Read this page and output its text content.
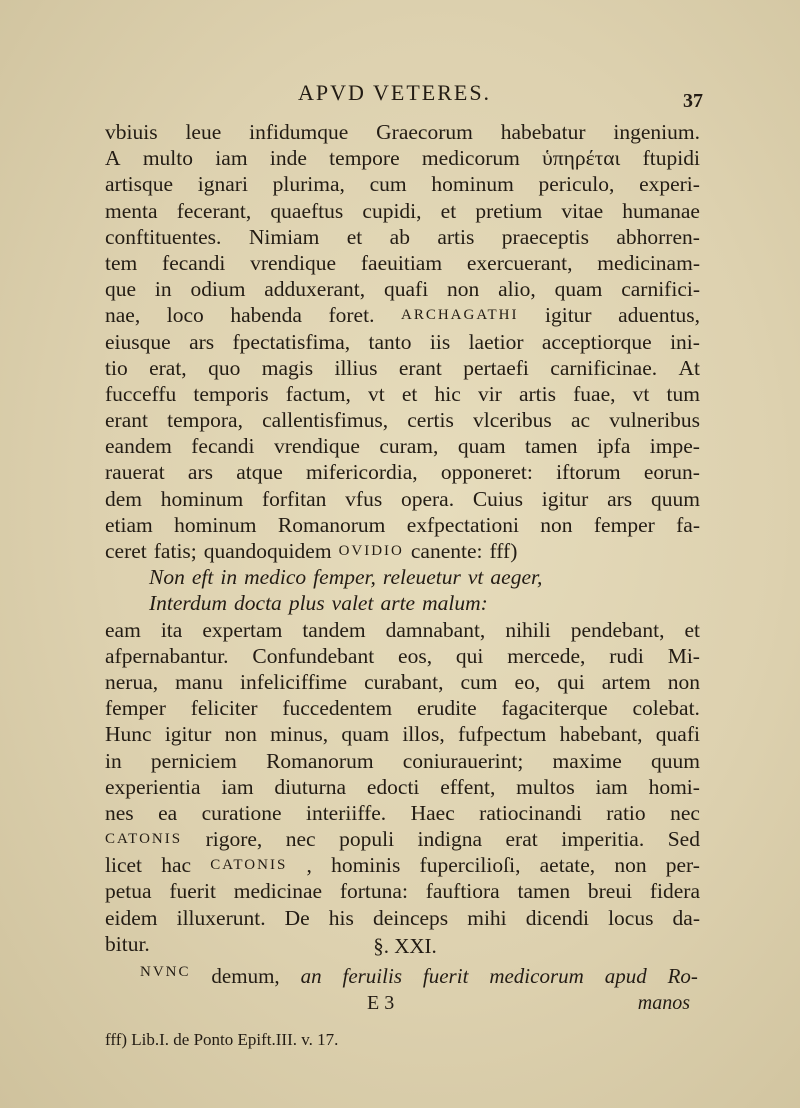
APVD VETERES.	37
vbiuis leue infidumque Graecorum habebatur ingenium.
A multo iam inde tempore medicorum ὑπηρέται ftupidi
artisque ignari plurima, cum hominum periculo, experi-
menta fecerant, quaeftus cupidi, et pretium vitae humanae
conftituentes. Nimiam et ab artis praeceptis abhorren-
tem fecandi vrendique faeuitiam exercuerant, medicinam-
que in odium adduxerant, quafi non alio, quam carnifici-
nae, loco habenda foret. ARCHAGATHI igitur aduentus,
eiusque ars fpectatisfima, tanto iis laetior acceptiorque ini-
tio erat, quo magis illius erant pertaefi carnificinae. At
fucceffu temporis factum, vt et hic vir artis fuae, vt tum
erant tempora, callentisfimus, certis vlceribus ac vulneribus
eandem fecandi vrendique curam, quam tamen ipfa impe-
rauerat ars atque mifericordia, opponeret: iftorum eorun-
dem hominum forfitan vfus opera. Cuius igitur ars quum
etiam hominum Romanorum exfpectationi non femper fa-
ceret fatis; quandoquidem OVIDIO canente: fff)
Non eft in medico femper, releuetur vt aeger,
Interdum docta plus valet arte malum:
eam ita expertam tandem damnabant, nihili pendebant, et
afpernabantur. Confundebant eos, qui mercede, rudi Mi-
nerua, manu infeliciffime curabant, cum eo, qui artem non
femper feliciter fuccedentem erudite fagaciterque colebat.
Hunc igitur non minus, quam illos, fufpectum habebant, quafi
in perniciem Romanorum coniurauerint; maxime quum
experientia iam diuturna edocti effent, multos iam homi-
nes ea curatione interiiffe. Haec ratiocinandi ratio nec
CATONIS rigore, nec populi indigna erat imperitia. Sed
licet hac CATONIS , hominis fupercilioſi, aetate, non per-
petua fuerit medicinae fortuna: fauftiora tamen breui fidera
eidem illuxerunt. De his deinceps mihi dicendi locus da-
bitur.	§. XXI.
NVNC demum, an feruilis fuerit medicorum apud Ro-
E 3	manos
fff) Lib.I. de Ponto Epift.III. v. 17.
